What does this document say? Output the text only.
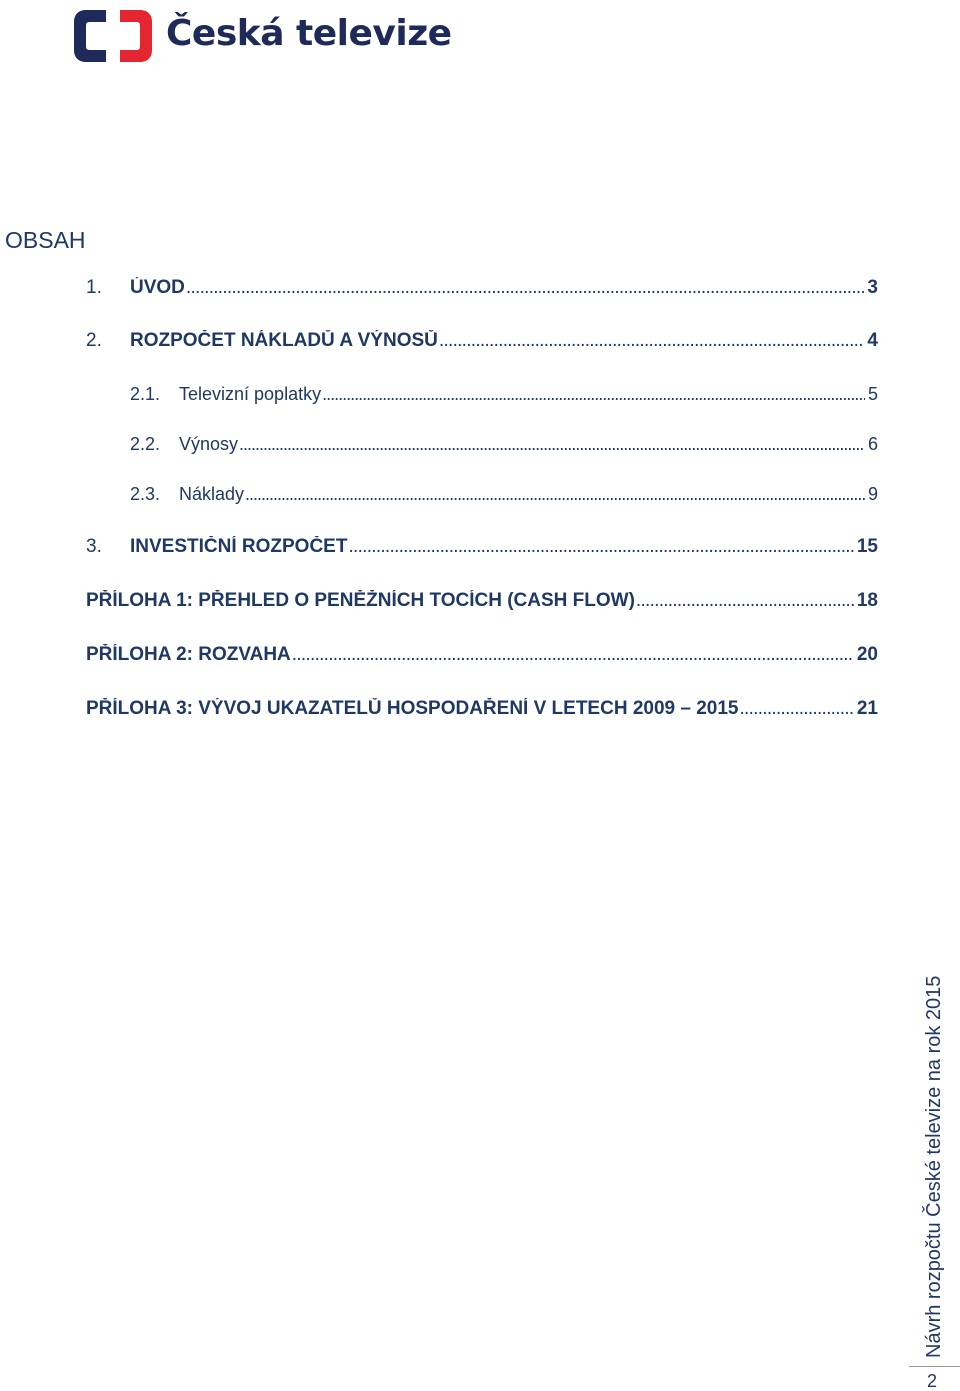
Česká televize
OBSAH
1.	ÚVOD . . .	3
2.	ROZPOČET NÁKLADŮ A VÝNOSŮ . . .	4
2.1.	Televizní poplatky . . .	5
2.2.	Výnosy . . .	6
2.3.	Náklady . . .	9
3.	INVESTIČNÍ ROZPOČET . . .	15
PŘÍLOHA 1: PŘEHLED O PENĚŽNÍCH TOCÍCH (CASH FLOW) . . .	18
PŘÍLOHA 2: ROZVAHA . . .	20
PŘÍLOHA 3: VÝVOJ UKAZATELŮ HOSPODAŘENÍ V LETECH 2009 – 2015 . . .	21
Návrh rozpočtu České televize na rok 2015
2
